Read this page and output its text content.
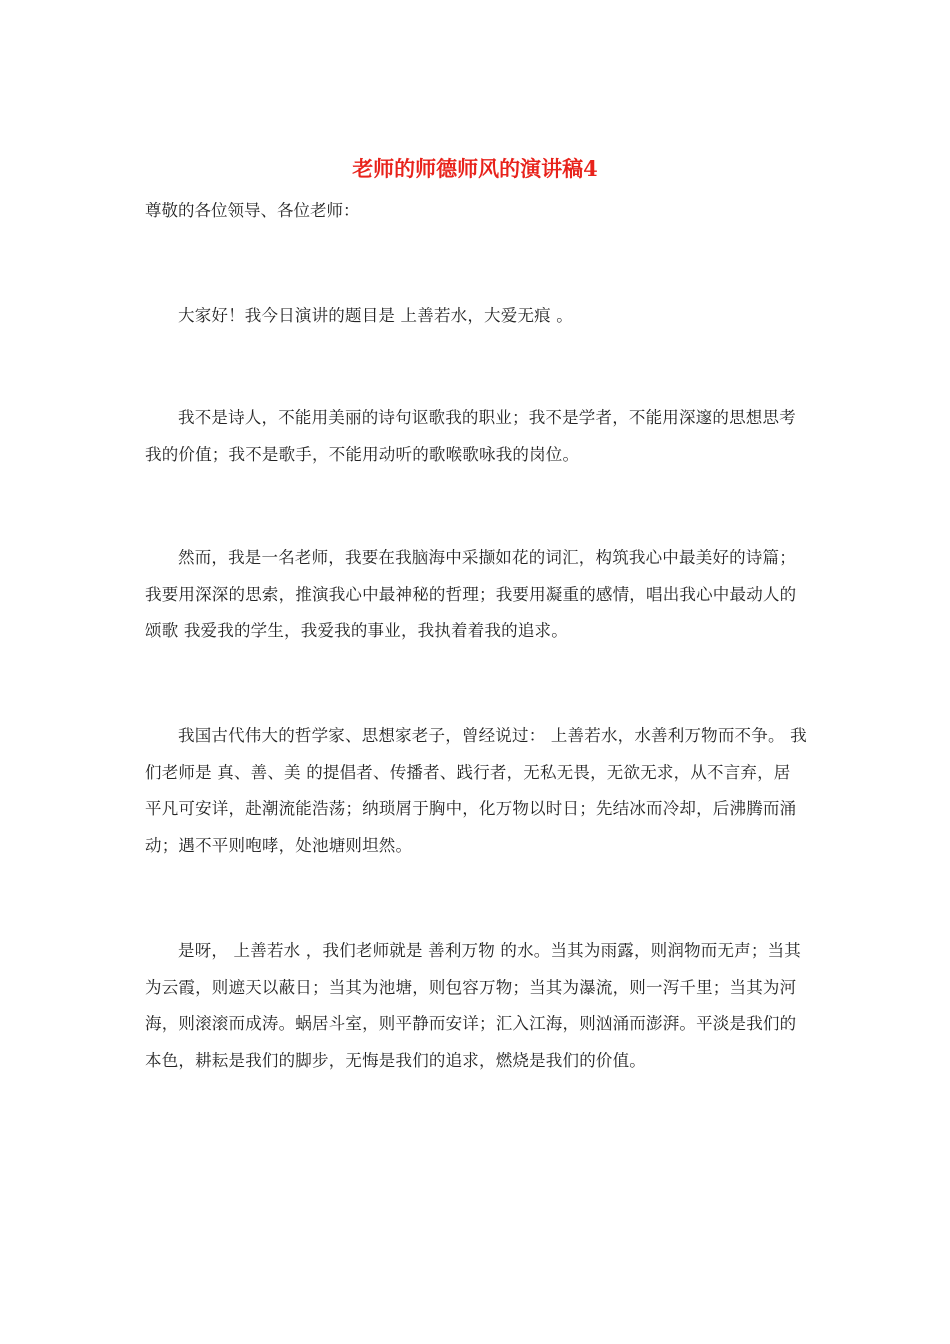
老师的师德师风的演讲稿4

尊敬的各位领导、各位老师：

大家好！我今日演讲的题目是 上善若水，大爱无痕 。

我不是诗人，不能用美丽的诗句讴歌我的职业；我不是学者，不能用深邃的思想思考我的价值；我不是歌手，不能用动听的歌喉歌咏我的岗位。

然而，我是一名老师，我要在我脑海中采撷如花的词汇，构筑我心中最美好的诗篇；我要用深深的思索，推演我心中最神秘的哲理；我要用凝重的感情，唱出我心中最动人的颂歌 我爱我的学生，我爱我的事业，我执着着我的追求。

我国古代伟大的哲学家、思想家老子，曾经说过： 上善若水，水善利万物而不争。 我们老师是 真、善、美 的提倡者、传播者、践行者，无私无畏，无欲无求，从不言弃，居平凡可安详，赴潮流能浩荡；纳琐屑于胸中，化万物以时日；先结冰而冷却，后沸腾而涌动；遇不平则咆哮，处池塘则坦然。

是呀， 上善若水 ，我们老师就是 善利万物 的水。当其为雨露，则润物而无声；当其为云霞，则遮天以蔽日；当其为池塘，则包容万物；当其为瀑流，则一泻千里；当其为河海，则滚滚而成涛。蜗居斗室，则平静而安详；汇入江海，则汹涌而澎湃。平淡是我们的本色，耕耘是我们的脚步，无悔是我们的追求，燃烧是我们的价值。
